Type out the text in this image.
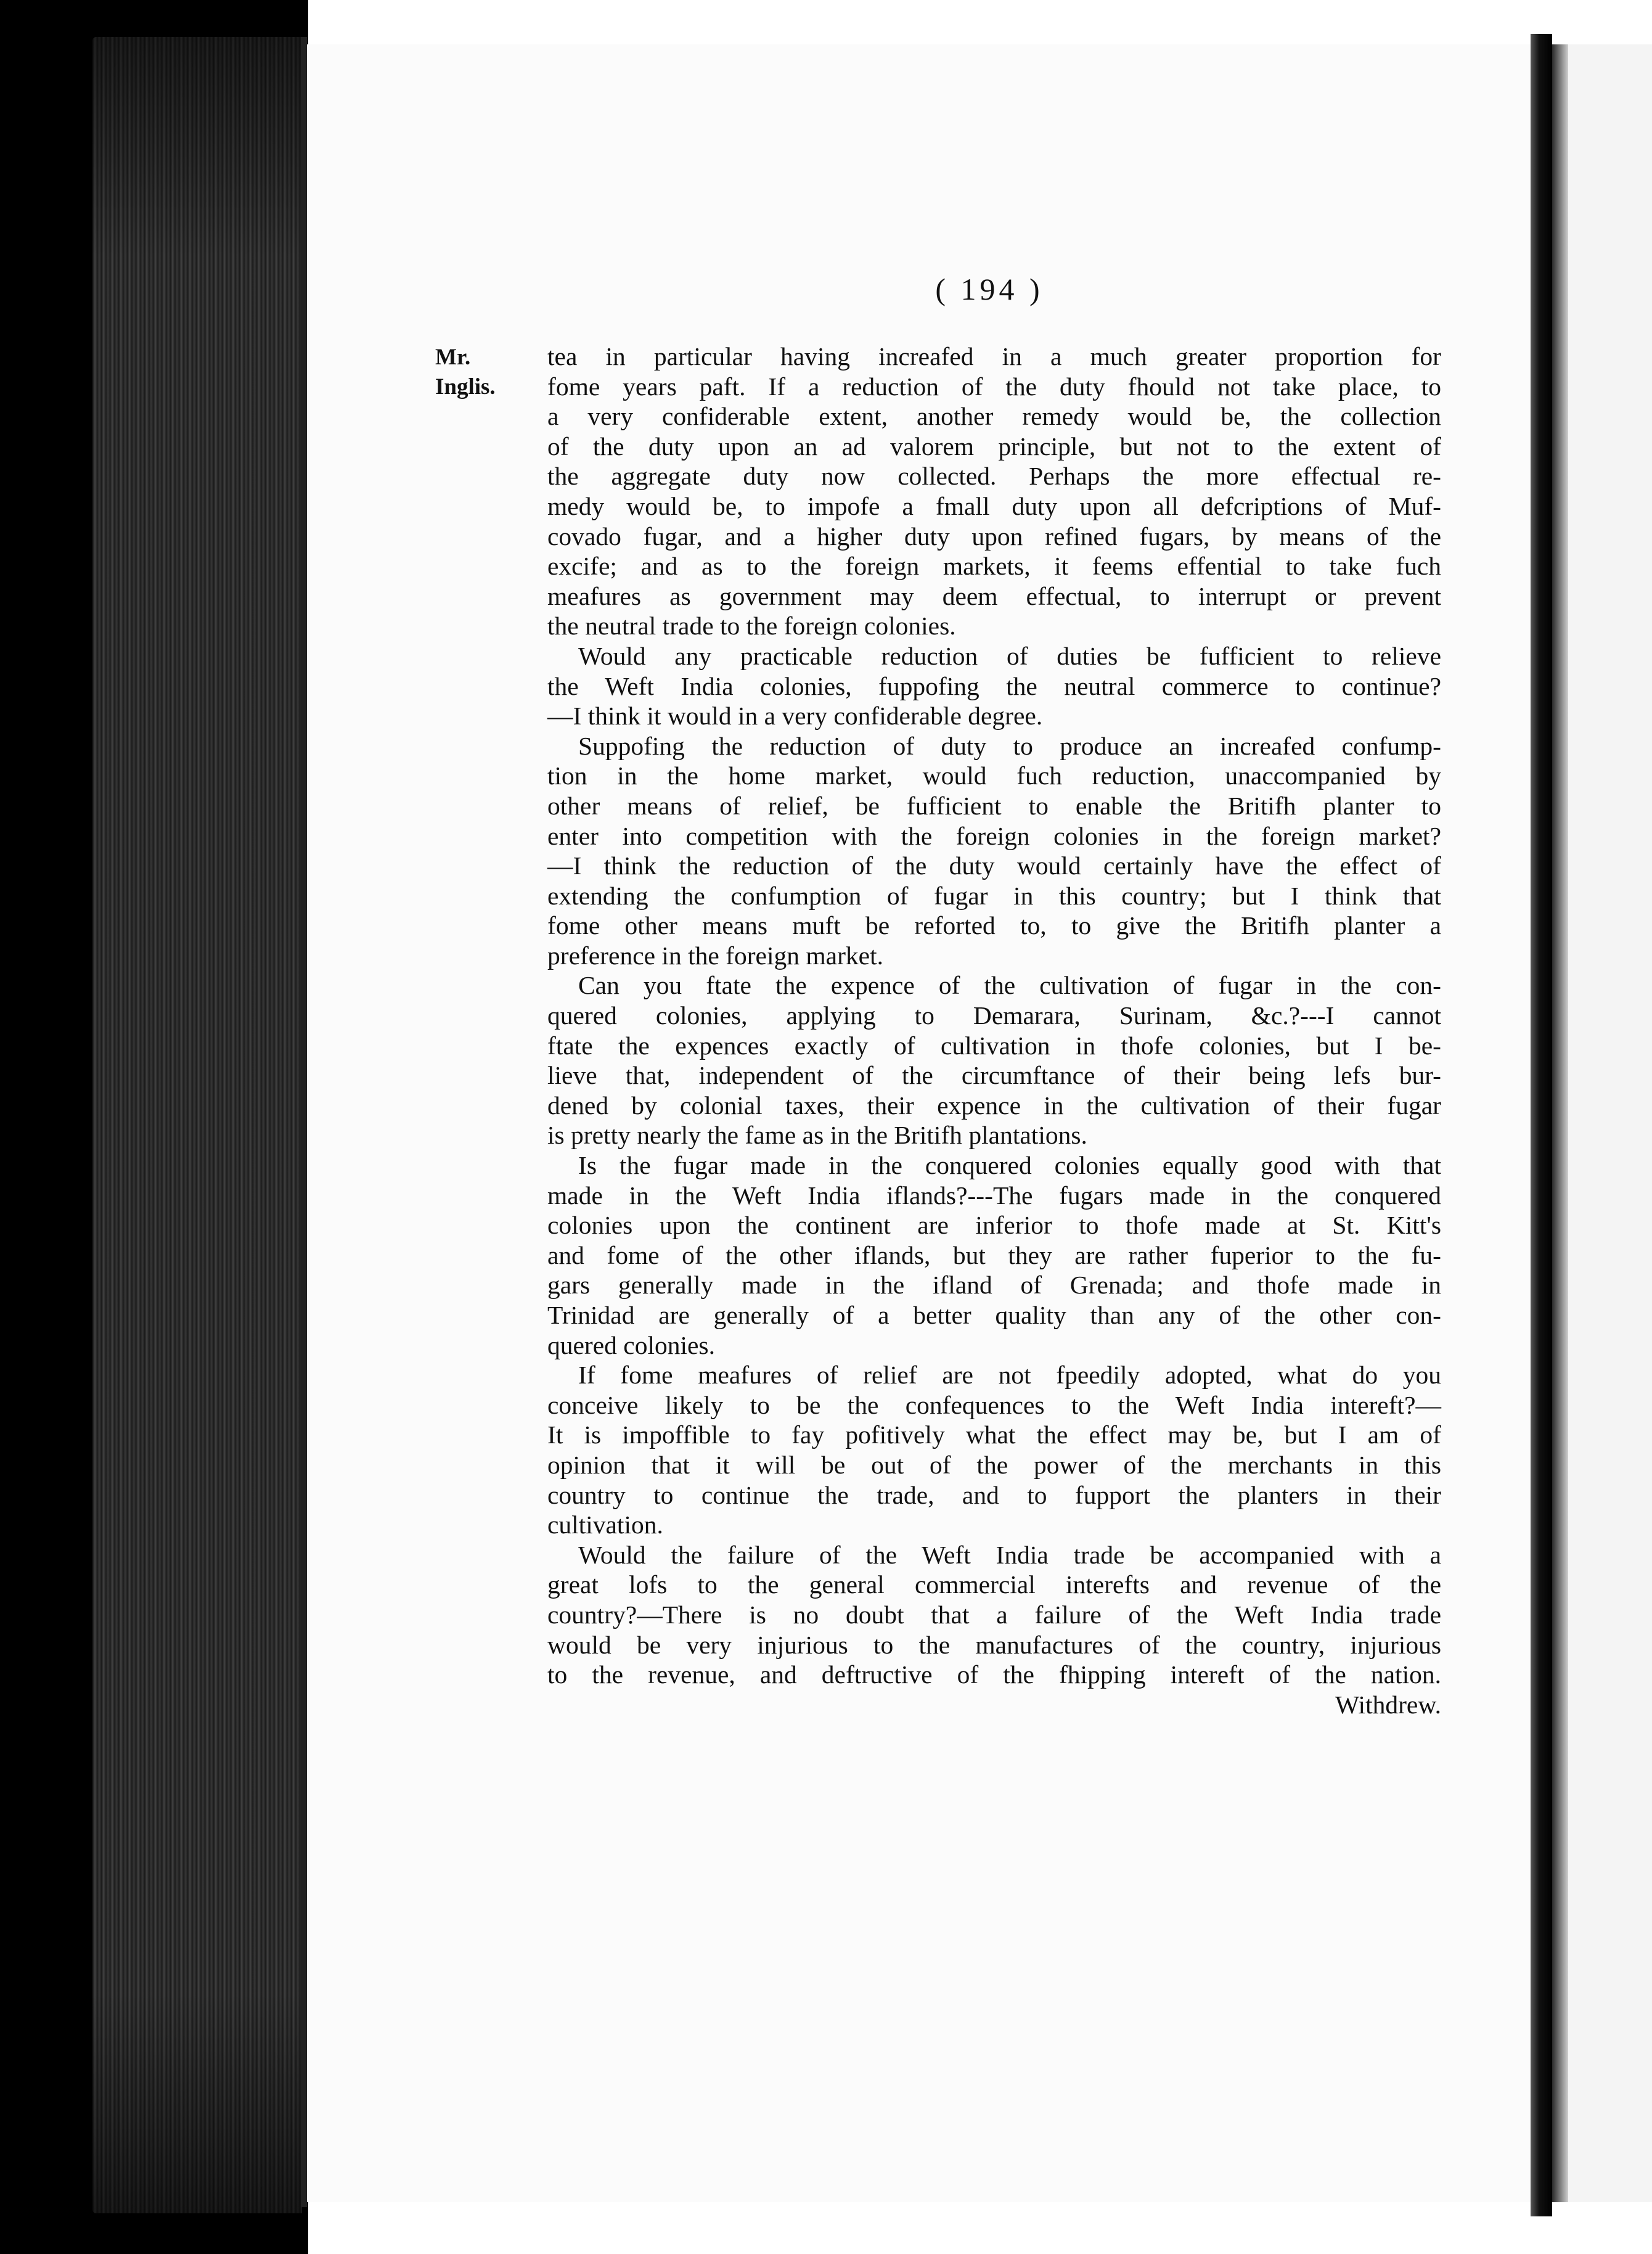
( 194 )
Mr.
Inglis.
tea in particular having increafed in a much greater proportion for
fome years paft. If a reduction of the duty fhould not take place, to
a very confiderable extent, another remedy would be, the collection
of the duty upon an ad valorem principle, but not to the extent of
the aggregate duty now collected. Perhaps the more effectual re-
medy would be, to impofe a fmall duty upon all defcriptions of Muf-
covado fugar, and a higher duty upon refined fugars, by means of the
excife; and as to the foreign markets, it feems effential to take fuch
meafures as government may deem effectual, to interrupt or prevent
the neutral trade to the foreign colonies.
Would any practicable reduction of duties be fufficient to relieve
the Weft India colonies, fuppofing the neutral commerce to continue?
—I think it would in a very confiderable degree.
Suppofing the reduction of duty to produce an increafed confump-
tion in the home market, would fuch reduction, unaccompanied by
other means of relief, be fufficient to enable the Britifh planter to
enter into competition with the foreign colonies in the foreign market?
—I think the reduction of the duty would certainly have the effect of
extending the confumption of fugar in this country; but I think that
fome other means muft be reforted to, to give the Britifh planter a
preference in the foreign market.
Can you ftate the expence of the cultivation of fugar in the con-
quered colonies, applying to Demarara, Surinam, &c.?---I cannot
ftate the expences exactly of cultivation in thofe colonies, but I be-
lieve that, independent of the circumftance of their being lefs bur-
dened by colonial taxes, their expence in the cultivation of their fugar
is pretty nearly the fame as in the Britifh plantations.
Is the fugar made in the conquered colonies equally good with that
made in the Weft India iflands?---The fugars made in the conquered
colonies upon the continent are inferior to thofe made at St. Kitt's
and fome of the other iflands, but they are rather fuperior to the fu-
gars generally made in the ifland of Grenada; and thofe made in
Trinidad are generally of a better quality than any of the other con-
quered colonies.
If fome meafures of relief are not fpeedily adopted, what do you
conceive likely to be the confequences to the Weft India intereft?—
It is impoffible to fay pofitively what the effect may be, but I am of
opinion that it will be out of the power of the merchants in this
country to continue the trade, and to fupport the planters in their
cultivation.
Would the failure of the Weft India trade be accompanied with a
great lofs to the general commercial interefts and revenue of the
country?—There is no doubt that a failure of the Weft India trade
would be very injurious to the manufactures of the country, injurious
to the revenue, and deftructive of the fhipping intereft of the nation.
Withdrew.
